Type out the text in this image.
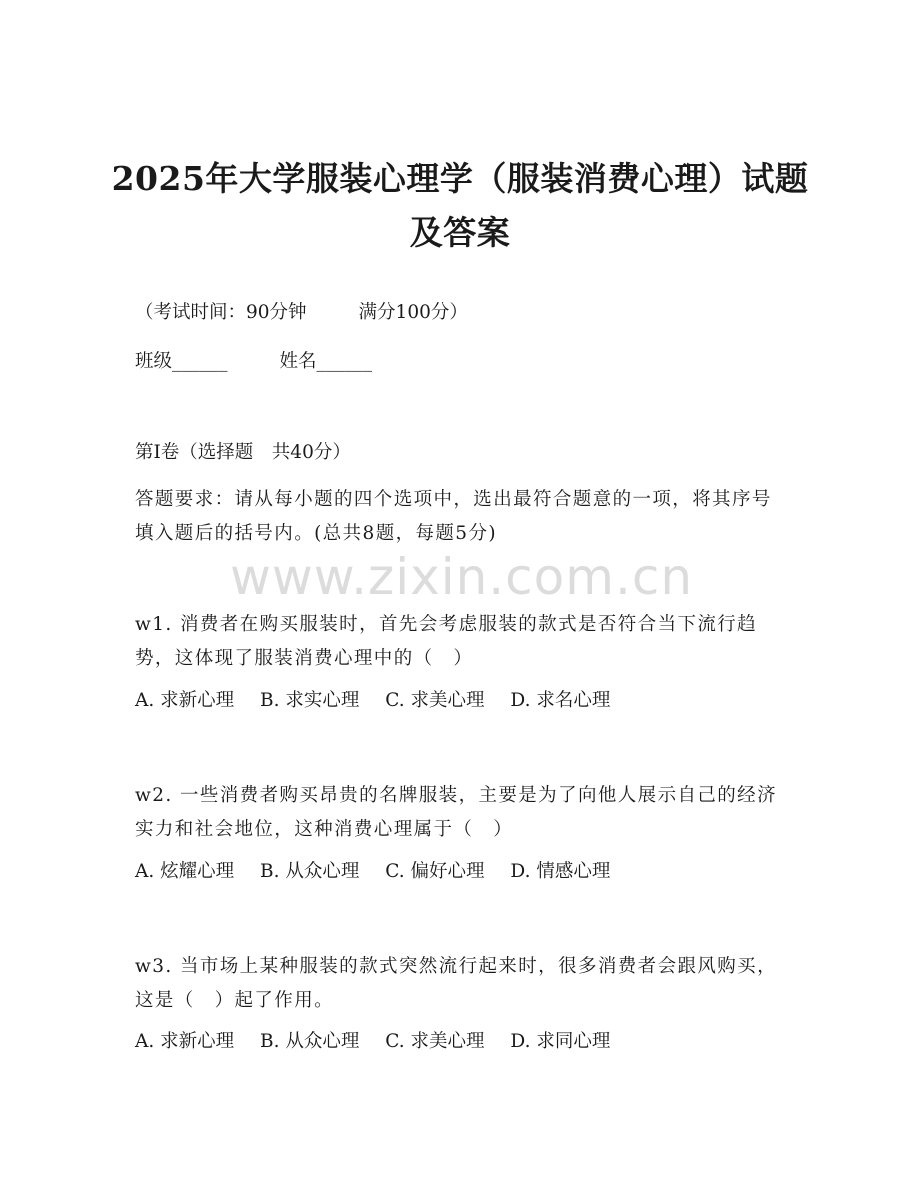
2025年大学服装心理学（服装消费心理）试题及答案
（考试时间：90分钟	满分100分）
班级______	姓名______
第Ⅰ卷（选择题　共40分）
答题要求：请从每小题的四个选项中，选出最符合题意的一项，将其序号填入题后的括号内。(总共8题，每题5分)
www.zixin.com.cn
w1. 消费者在购买服装时，首先会考虑服装的款式是否符合当下流行趋势，这体现了服装消费心理中的（　）
A. 求新心理 B. 求实心理 C. 求美心理 D. 求名心理
w2. 一些消费者购买昂贵的名牌服装，主要是为了向他人展示自己的经济实力和社会地位，这种消费心理属于（　）
A. 炫耀心理 B. 从众心理 C. 偏好心理 D. 情感心理
w3. 当市场上某种服装的款式突然流行起来时，很多消费者会跟风购买，这是（　）起了作用。
A. 求新心理 B. 从众心理 C. 求美心理 D. 求同心理
